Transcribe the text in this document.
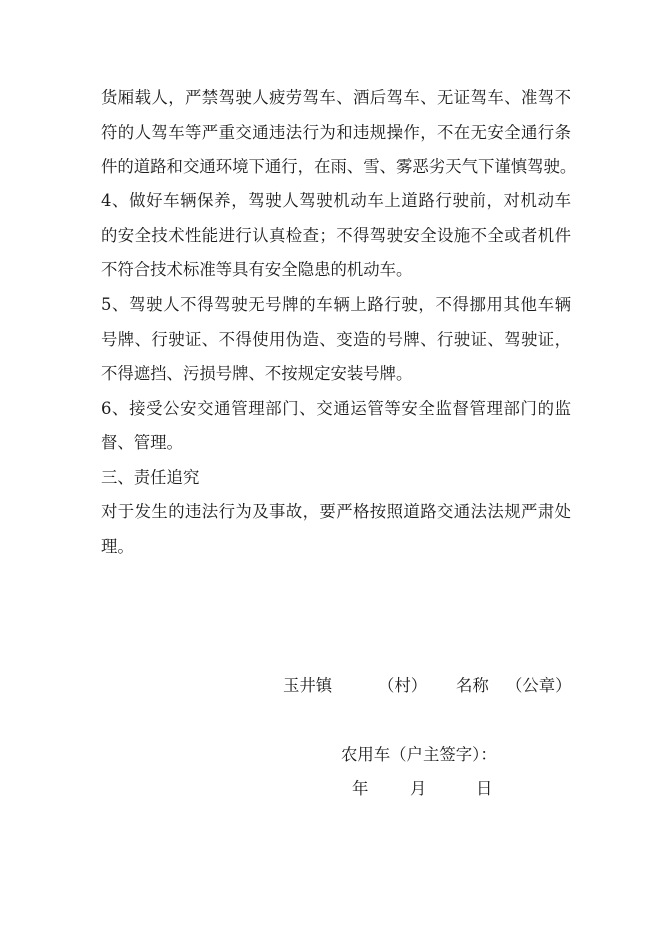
货厢载人，严禁驾驶人疲劳驾车、酒后驾车、无证驾车、准驾不
符的人驾车等严重交通违法行为和违规操作，不在无安全通行条
件的道路和交通环境下通行，在雨、雪、雾恶劣天气下谨慎驾驶。
4、做好车辆保养，驾驶人驾驶机动车上道路行驶前，对机动车
的安全技术性能进行认真检查；不得驾驶安全设施不全或者机件
不符合技术标准等具有安全隐患的机动车。
5、驾驶人不得驾驶无号牌的车辆上路行驶，不得挪用其他车辆
号牌、行驶证、不得使用伪造、变造的号牌、行驶证、驾驶证，
不得遮挡、污损号牌、不按规定安装号牌。
6、接受公安交通管理部门、交通运管等安全监督管理部门的监
督、管理。
三、责任追究
对于发生的违法行为及事故，要严格按照道路交通法法规严肃处
理。
玉井镇	（村） 名称 （公章）
农用车（户主签字）：
年	月	日
